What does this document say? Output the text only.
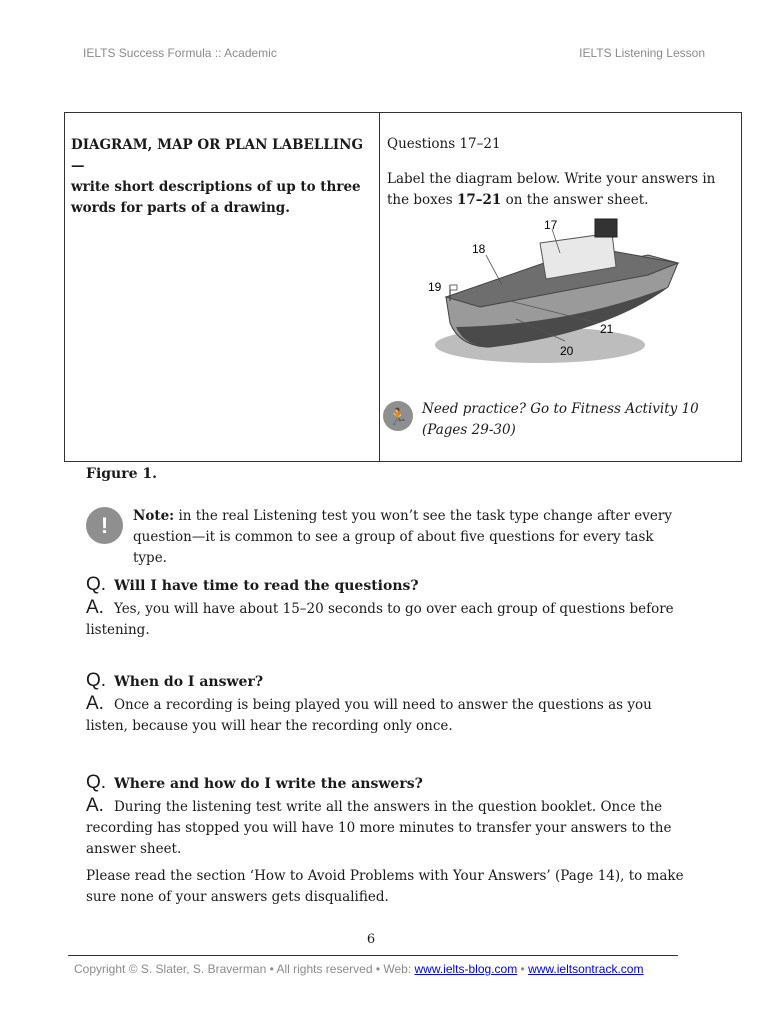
IELTS Success Formula :: Academic	IELTS Listening Lesson
DIAGRAM, MAP OR PLAN LABELLING—
write short descriptions of up to three words for parts of a drawing.
Questions 17–21
Label the diagram below. Write your answers in the boxes 17–21 on the answer sheet.
17
18
19
20
21
🏃	Need practice? Go to Fitness Activity 10
(Pages 29-30)
Figure 1.
!	Note: in the real Listening test you won’t see the task type change after every question—it is common to see a group of about five questions for every task type.
Q. Will I have time to read the questions?
A. Yes, you will have about 15–20 seconds to go over each group of questions before listening.
Q. When do I answer?
A. Once a recording is being played you will need to answer the questions as you listen, because you will hear the recording only once.
Q. Where and how do I write the answers?
A. During the listening test write all the answers in the question booklet. Once the recording has stopped you will have 10 more minutes to transfer your answers to the answer sheet.
Please read the section ‘How to Avoid Problems with Your Answers’ (Page 14), to make sure none of your answers gets disqualified.
6
Copyright © S. Slater, S. Braverman • All rights reserved • Web: www.ielts-blog.com • www.ieltsontrack.com
